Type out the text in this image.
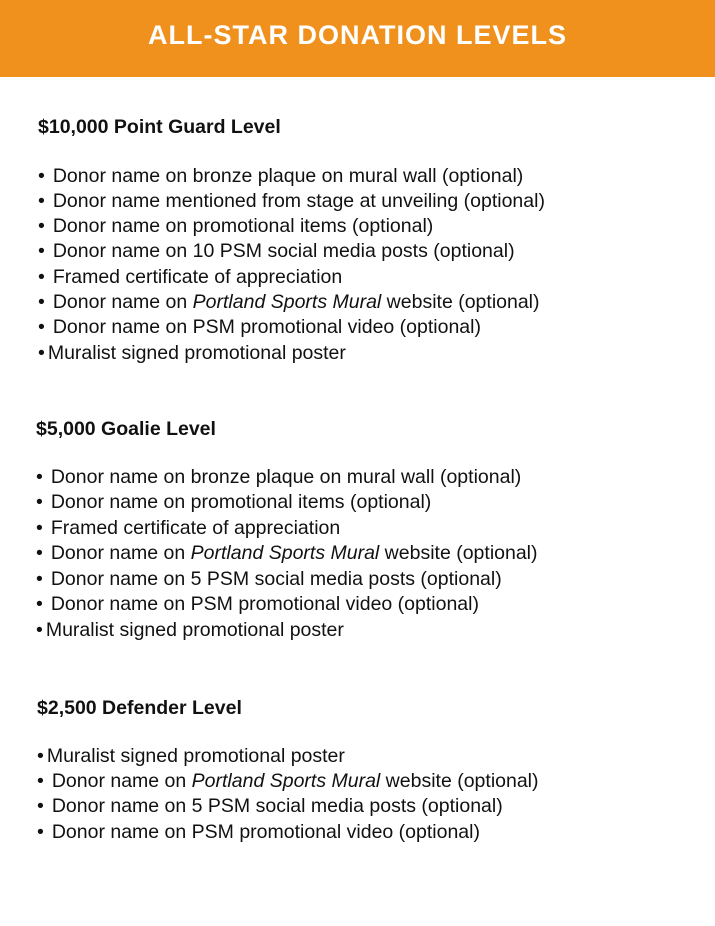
ALL-STAR DONATION LEVELS
$10,000 Point Guard Level
• Donor name on bronze plaque on mural wall (optional)
• Donor name mentioned from stage at unveiling (optional)
• Donor name on promotional items (optional)
• Donor name on 10 PSM social media posts (optional)
• Framed certificate of appreciation
• Donor name on Portland Sports Mural website (optional)
• Donor name on PSM promotional video (optional)
• Muralist signed promotional poster
$5,000 Goalie Level
• Donor name on bronze plaque on mural wall (optional)
• Donor name on promotional items (optional)
• Framed certificate of appreciation
• Donor name on Portland Sports Mural website (optional)
• Donor name on 5 PSM social media posts (optional)
• Donor name on PSM promotional video (optional)
• Muralist signed promotional poster
$2,500 Defender Level
• Muralist signed promotional poster
• Donor name on Portland Sports Mural website (optional)
• Donor name on 5 PSM social media posts (optional)
• Donor name on PSM promotional video (optional)
